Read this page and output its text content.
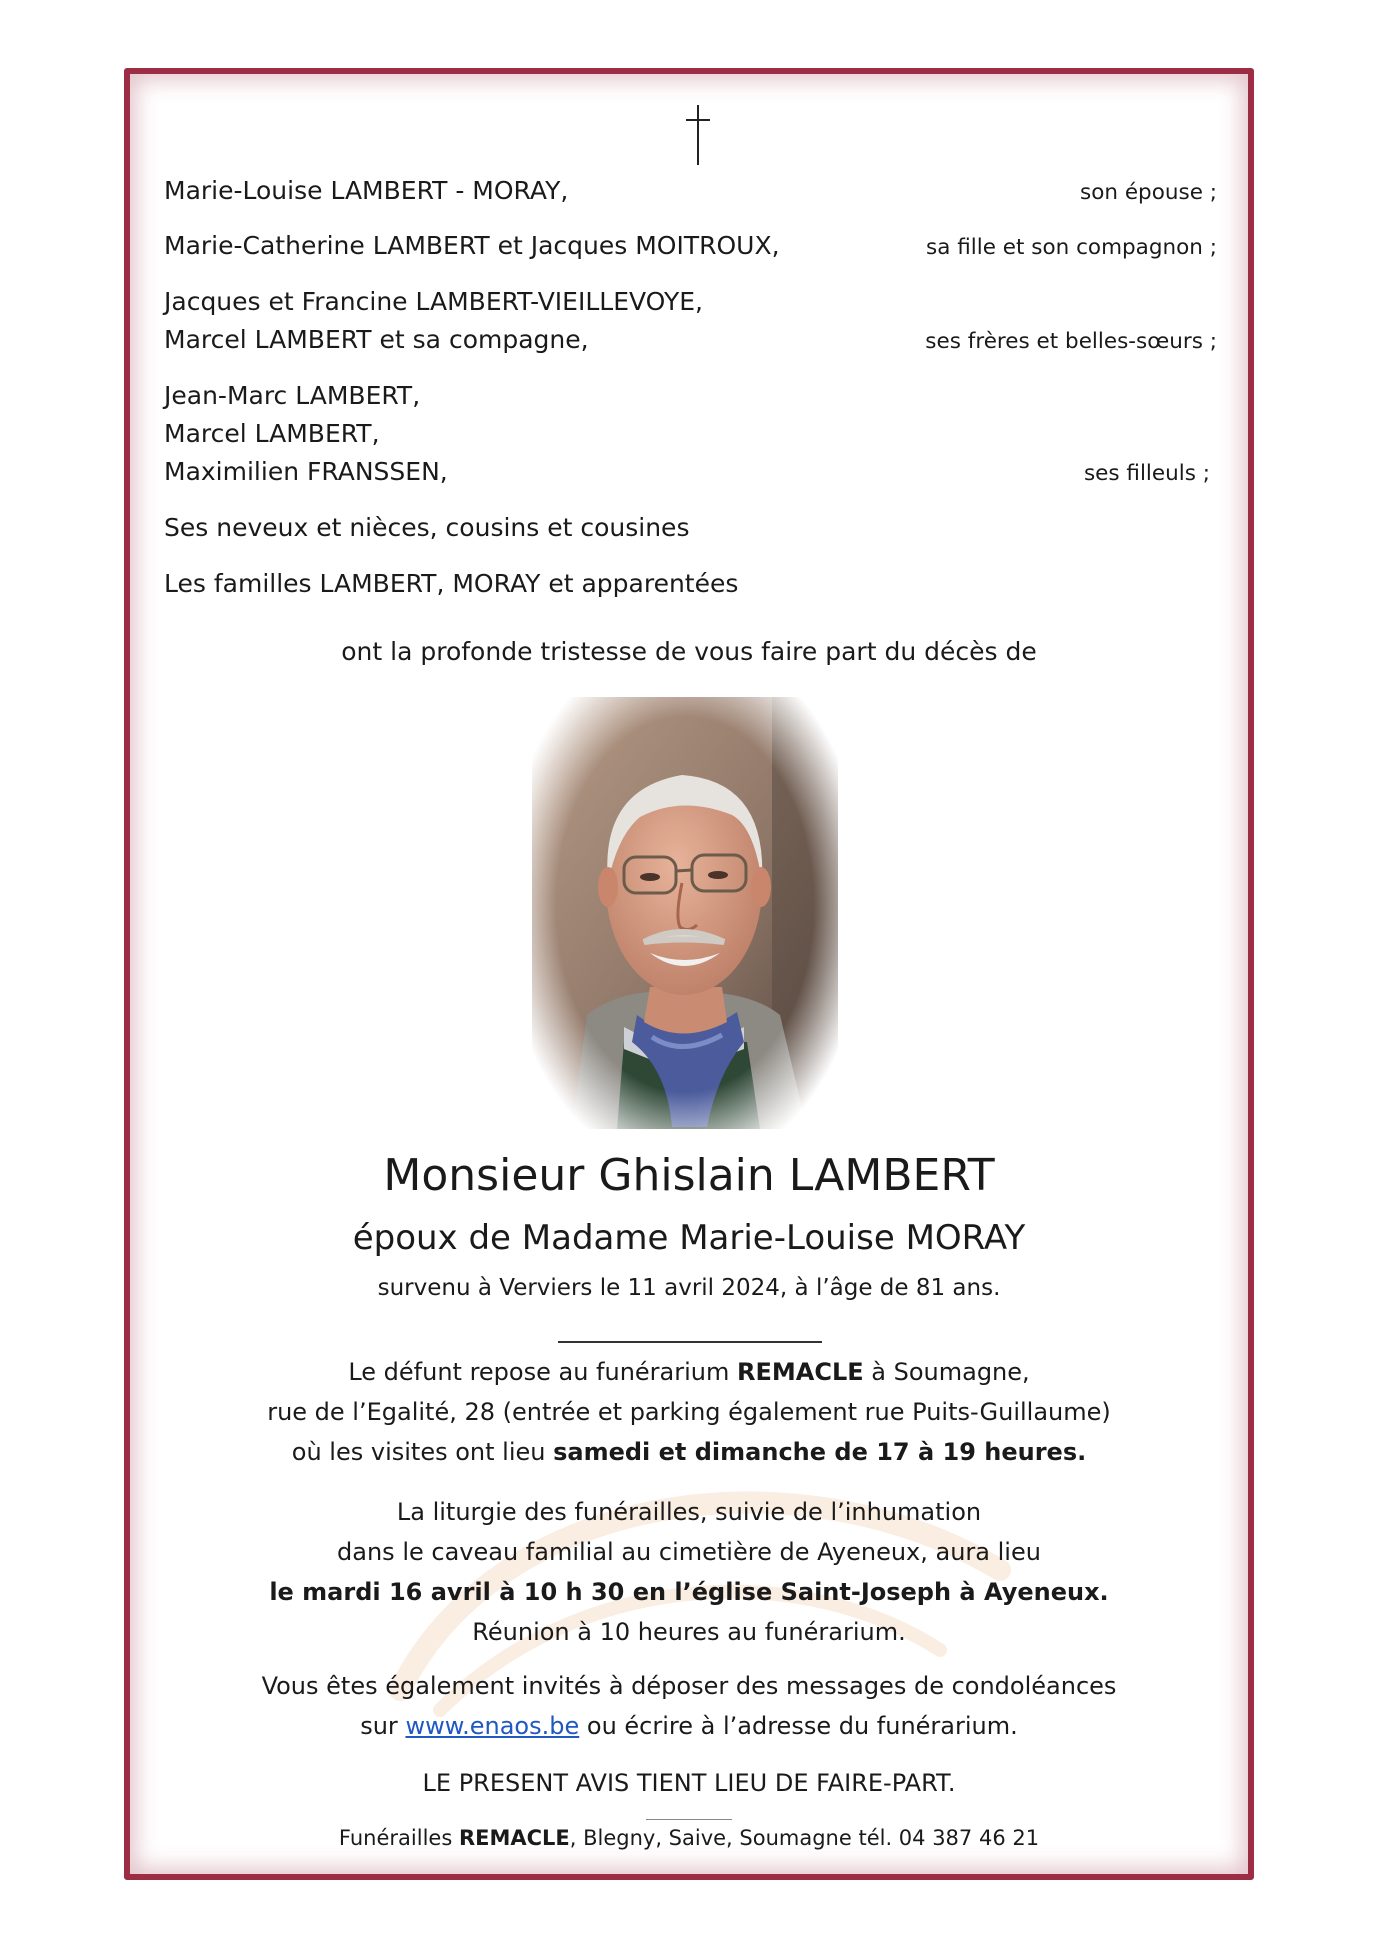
Marie-Louise LAMBERT - MORAY,	son épouse ;
Marie-Catherine LAMBERT et Jacques MOITROUX,	sa fille et son compagnon ;
Jacques et Francine LAMBERT-VIEILLEVOYE,
Marcel LAMBERT et sa compagne,	ses frères et belles-sœurs ;
Jean-Marc LAMBERT,
Marcel LAMBERT,
Maximilien FRANSSEN,	ses filleuls ;
Ses neveux et nièces, cousins et cousines
Les familles LAMBERT, MORAY et apparentées
ont la profonde tristesse de vous faire part du décès de
Monsieur Ghislain LAMBERT
époux de Madame Marie-Louise MORAY
survenu à Verviers le 11 avril 2024, à l’âge de 81 ans.
Le défunt repose au funérarium REMACLE à Soumagne,
rue de l’Egalité, 28 (entrée et parking également rue Puits-Guillaume)
où les visites ont lieu samedi et dimanche de 17 à 19 heures.
La liturgie des funérailles, suivie de l’inhumation
dans le caveau familial au cimetière de Ayeneux, aura lieu
le mardi 16 avril à 10 h 30 en l’église Saint-Joseph à Ayeneux.
Réunion à 10 heures au funérarium.
Vous êtes également invités à déposer des messages de condoléances
sur www.enaos.be ou écrire à l’adresse du funérarium.
LE PRESENT AVIS TIENT LIEU DE FAIRE-PART.
Funérailles REMACLE, Blegny, Saive, Soumagne tél. 04 387 46 21
